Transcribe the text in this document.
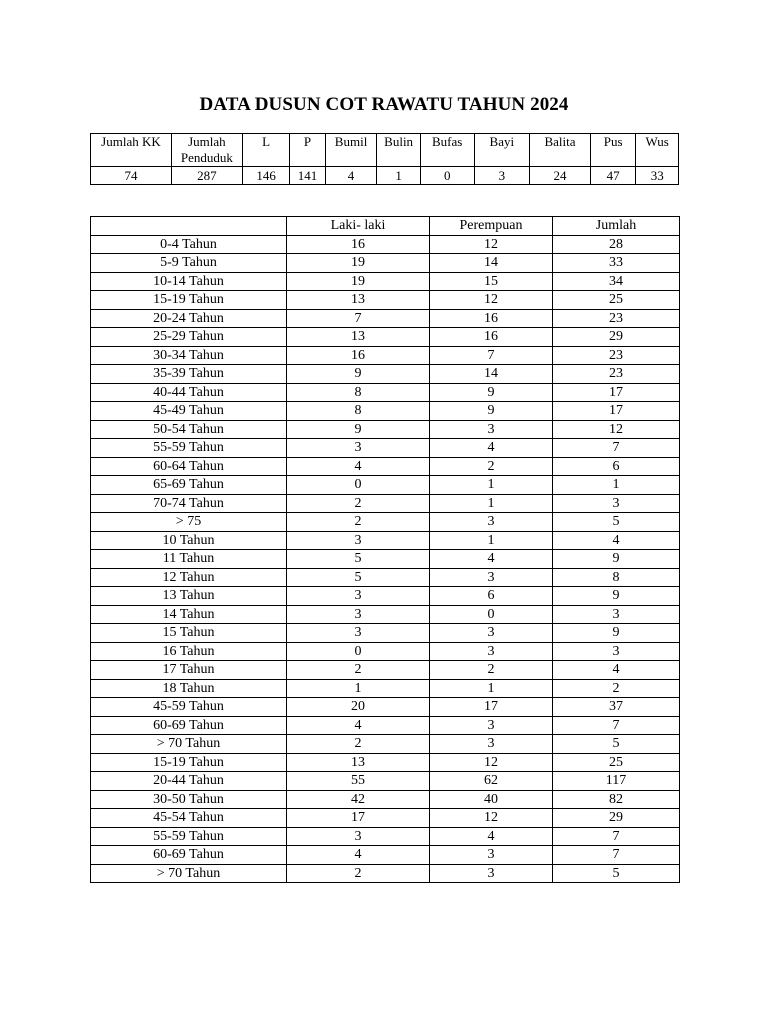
DATA DUSUN COT RAWATU TAHUN 2024
Jumlah KK	Jumlah Penduduk	L	P	Bumil	Bulin	Bufas	Bayi	Balita	Pus	Wus
74	287	146	141	4	1	0	3	24	47	33
	Laki- laki	Perempuan	Jumlah
0-4 Tahun	16	12	28
5-9 Tahun	19	14	33
10-14 Tahun	19	15	34
15-19 Tahun	13	12	25
20-24 Tahun	7	16	23
25-29 Tahun	13	16	29
30-34 Tahun	16	7	23
35-39 Tahun	9	14	23
40-44 Tahun	8	9	17
45-49 Tahun	8	9	17
50-54 Tahun	9	3	12
55-59 Tahun	3	4	7
60-64 Tahun	4	2	6
65-69 Tahun	0	1	1
70-74 Tahun	2	1	3
> 75	2	3	5
10 Tahun	3	1	4
11 Tahun	5	4	9
12 Tahun	5	3	8
13 Tahun	3	6	9
14 Tahun	3	0	3
15 Tahun	3	3	9
16 Tahun	0	3	3
17 Tahun	2	2	4
18 Tahun	1	1	2
45-59 Tahun	20	17	37
60-69 Tahun	4	3	7
> 70 Tahun	2	3	5
15-19 Tahun	13	12	25
20-44 Tahun	55	62	117
30-50 Tahun	42	40	82
45-54 Tahun	17	12	29
55-59 Tahun	3	4	7
60-69 Tahun	4	3	7
> 70 Tahun	2	3	5
